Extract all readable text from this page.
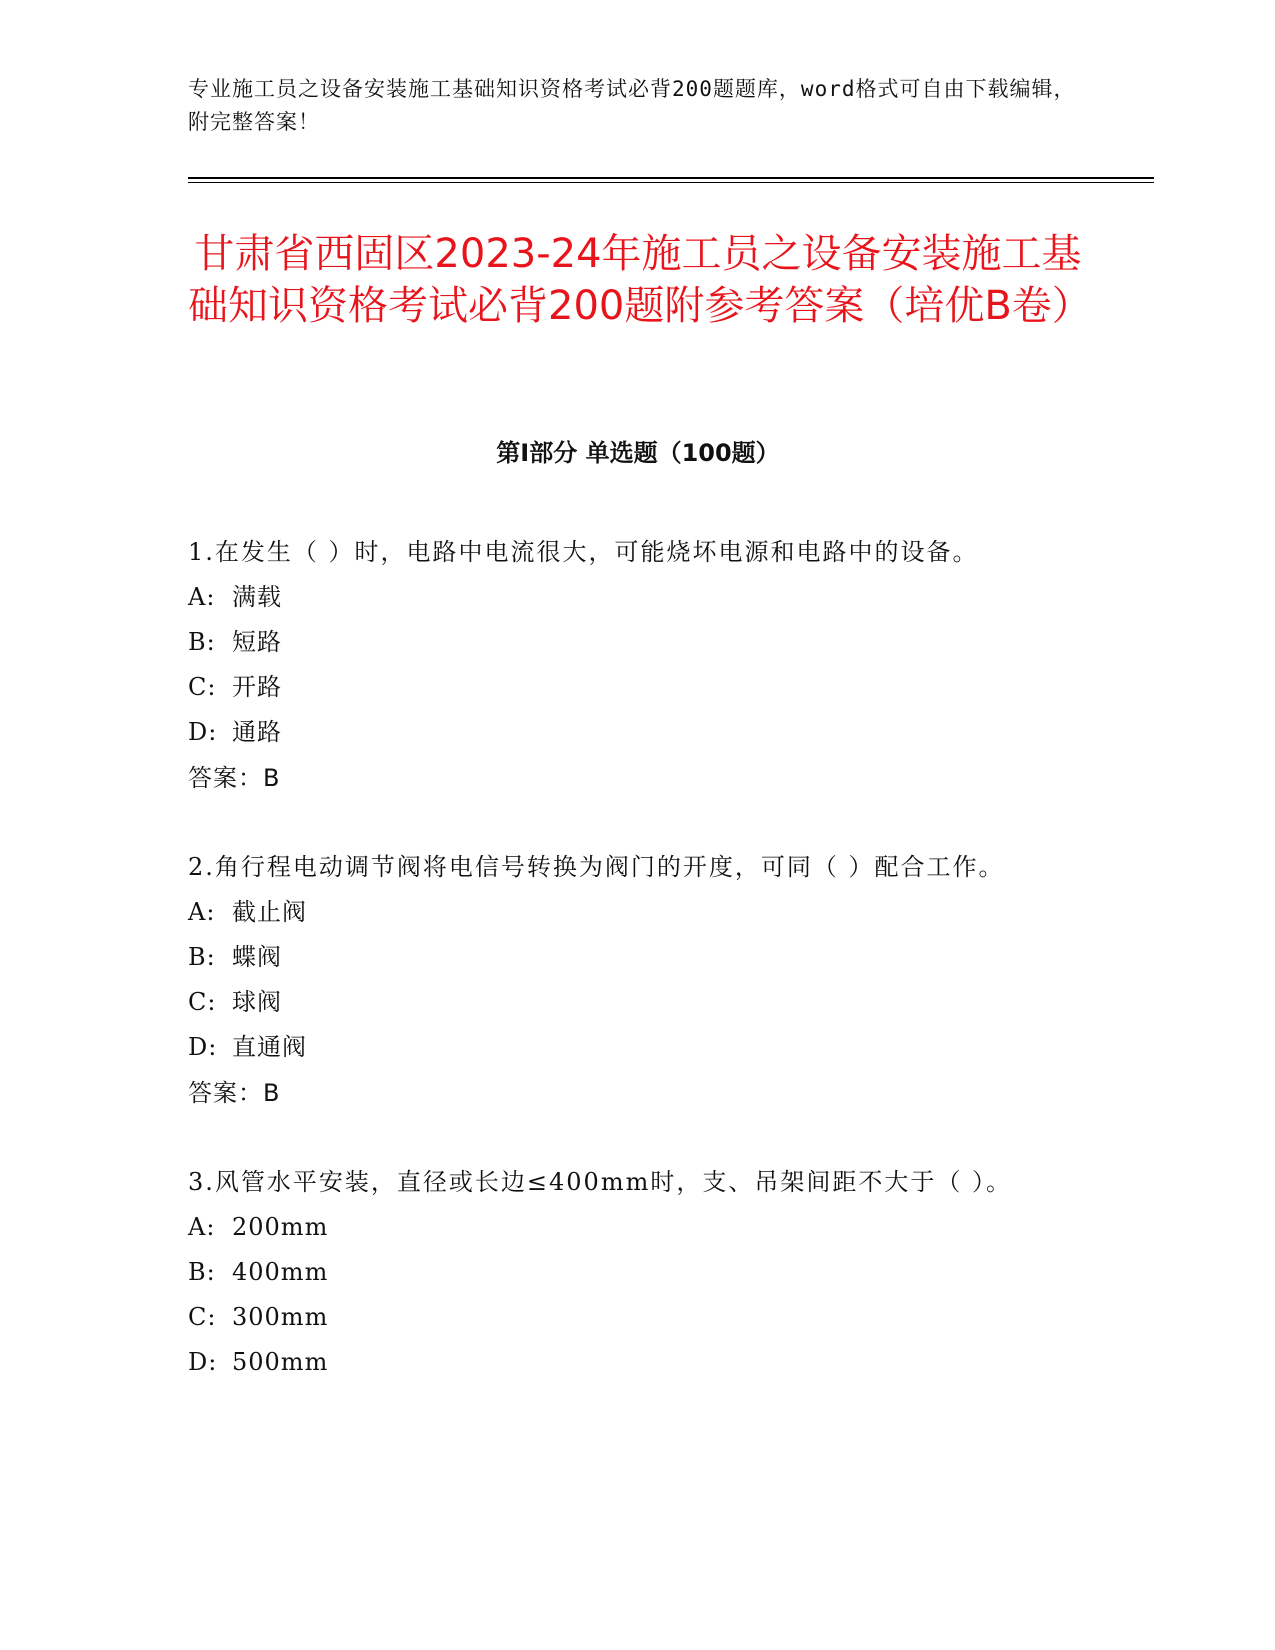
专业施工员之设备安装施工基础知识资格考试必背200题题库，word格式可自由下载编辑，附完整答案！

甘肃省西固区2023-24年施工员之设备安装施工基础知识资格考试必背200题附参考答案（培优B卷）
第I部分 单选题（100题）

1.在发生（ ）时，电路中电流很大，可能烧坏电源和电路中的设备。

A: 满载
B: 短路
C: 开路
D: 通路

答案：B

2.角行程电动调节阀将电信号转换为阀门的开度，可同（ ）配合工作。

A: 截止阀
B: 蝶阀
C: 球阀
D: 直通阀

答案：B

3.风管水平安装，直径或长边≤400mm时，支、吊架间距不大于（ ）。

A: 200mm
B: 400mm
C: 300mm
D: 500mm
